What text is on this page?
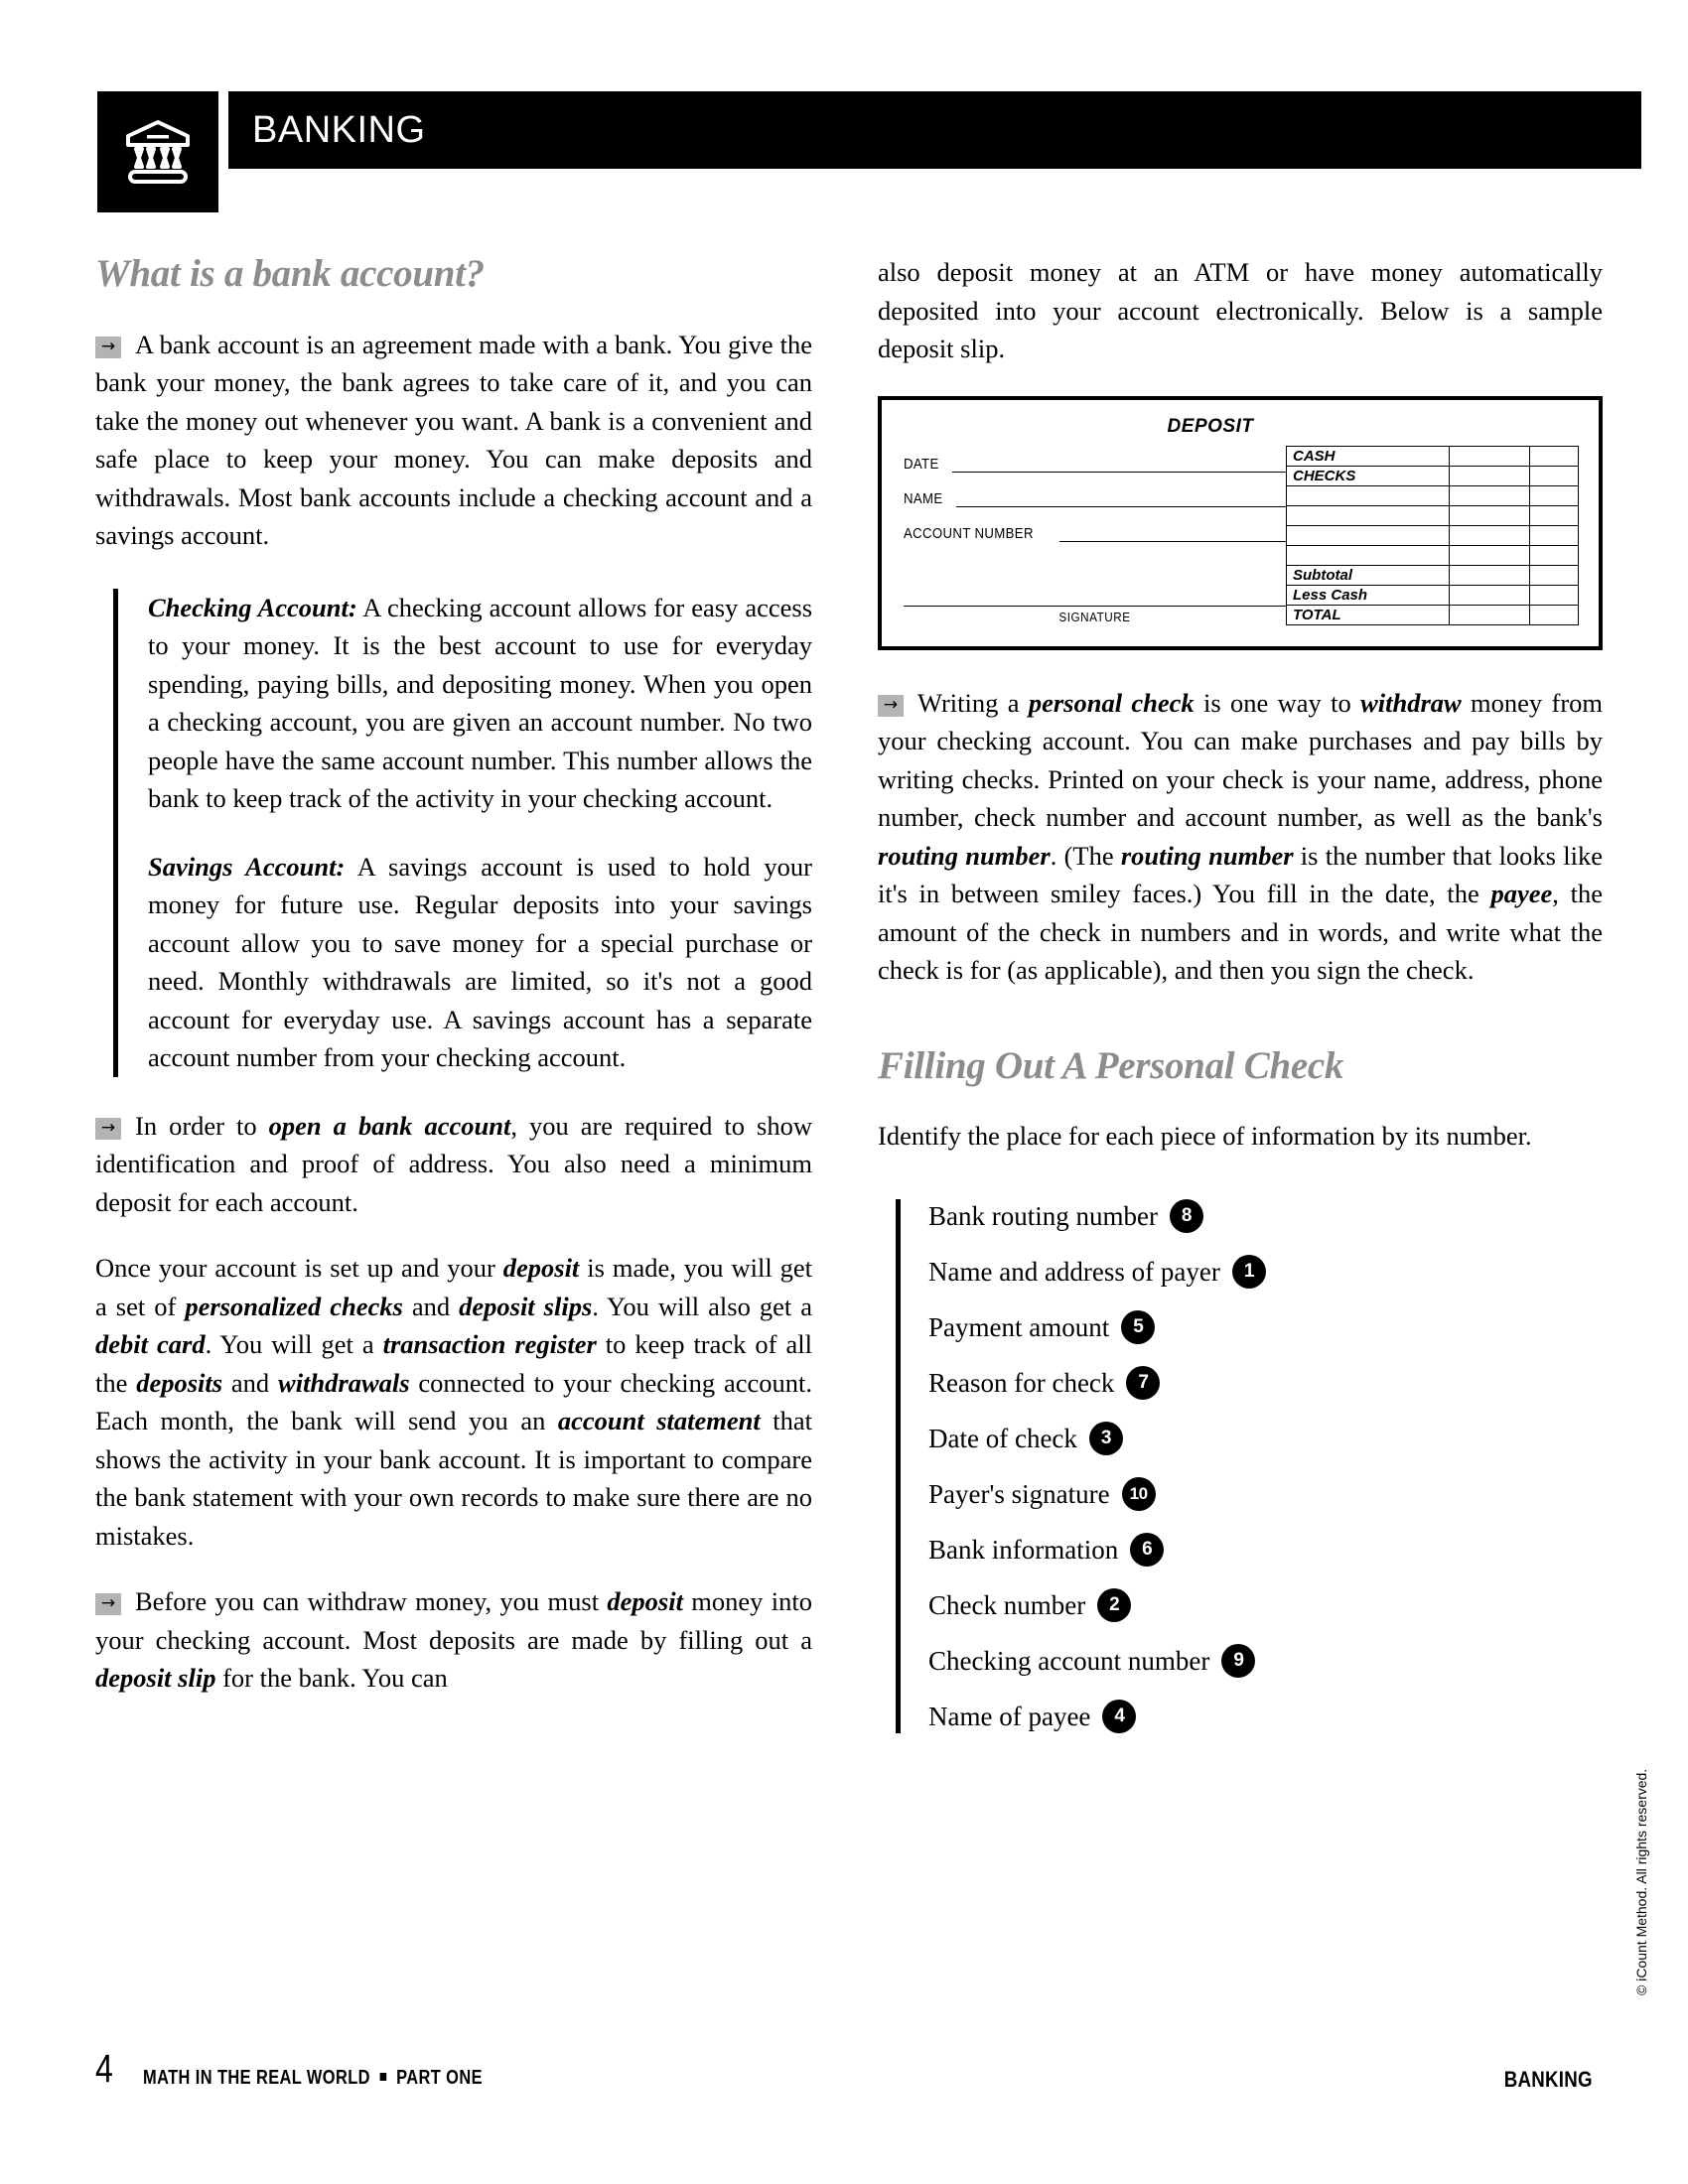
BANKING
What is a bank account?

→ A bank account is an agreement made with a bank. You give the bank your money, the bank agrees to take care of it, and you can take the money out whenever you want. A bank is a convenient and safe place to keep your money. You can make deposits and withdrawals. Most bank accounts include a checking account and a savings account.

Checking Account: A checking account allows for easy access to your money. It is the best account to use for everyday spending, paying bills, and depositing money. When you open a checking account, you are given an account number. No two people have the same account number. This number allows the bank to keep track of the activity in your checking account.

Savings Account: A savings account is used to hold your money for future use. Regular deposits into your savings account allow you to save money for a special purchase or need. Monthly withdrawals are limited, so it's not a good account for everyday use. A savings account has a separate account number from your checking account.

→ In order to open a bank account, you are required to show identification and proof of address. You also need a minimum deposit for each account.

Once your account is set up and your deposit is made, you will get a set of personalized checks and deposit slips. You will also get a debit card. You will get a transaction register to keep track of all the deposits and withdrawals connected to your checking account. Each month, the bank will send you an account statement that shows the activity in your bank account. It is important to compare the bank statement with your own records to make sure there are no mistakes.

→ Before you can withdraw money, you must deposit money into your checking account. Most deposits are made by filling out a deposit slip for the bank. You can

also deposit money at an ATM or have money automatically deposited into your account electronically. Below is a sample deposit slip.

DEPOSIT
DATE
NAME
ACCOUNT NUMBER
SIGNATURE
CASH		
CHECKS		

Subtotal		
Less Cash		
TOTAL		

→ Writing a personal check is one way to withdraw money from your checking account. You can make purchases and pay bills by writing checks. Printed on your check is your name, address, phone number, check number and account number, as well as the bank's routing number. (The routing number is the number that looks like it's in between smiley faces.) You fill in the date, the payee, the amount of the check in numbers and in words, and write what the check is for (as applicable), and then you sign the check.

Filling Out A Personal Check

Identify the place for each piece of information by its number.

Bank routing number	8
Name and address of payer	1
Payment amount	5
Reason for check	7
Date of check	3
Payer's signature	10
Bank information	6
Check number	2
Checking account number	9
Name of payee	4
© iCount Method. All rights reserved.
4 MATH IN THE REAL WORLD PART ONE	BANKING
